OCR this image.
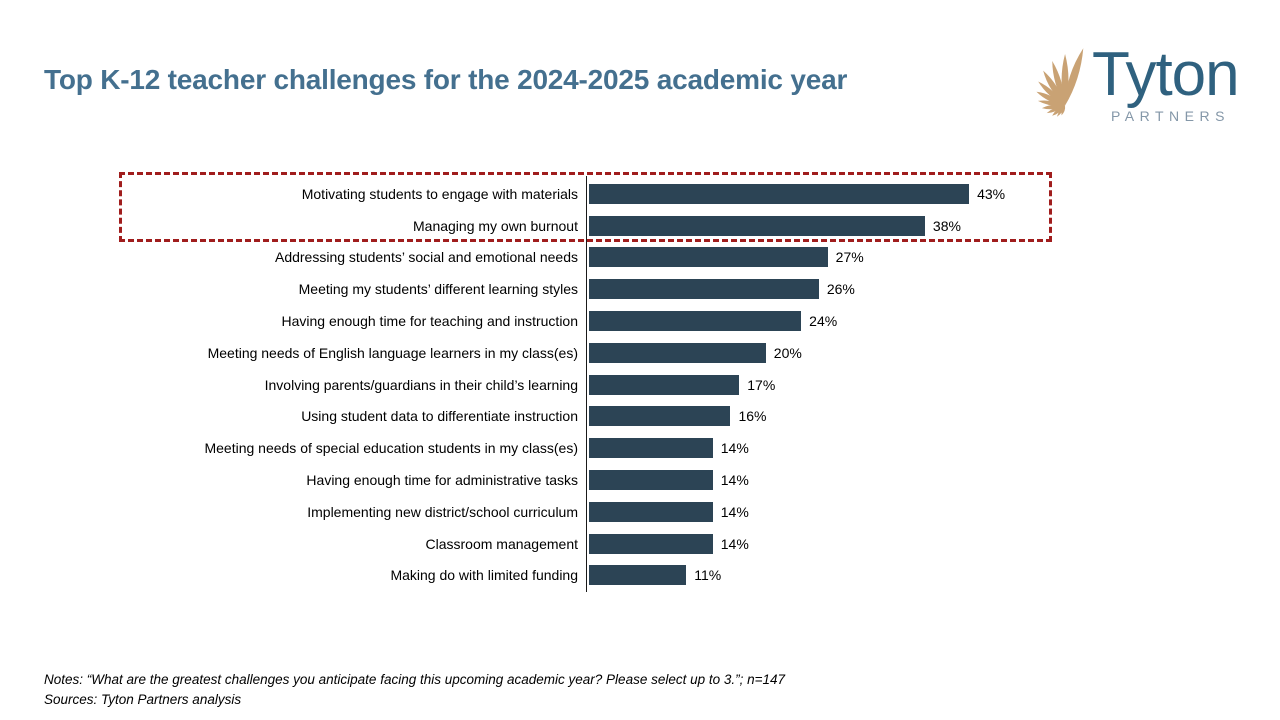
Top K-12 teacher challenges for the 2024-2025 academic year	Tyton
PARTNERS
Motivating students to engage with materials	43%
Managing my own burnout	38%
Addressing students’ social and emotional needs	27%
Meeting my students’ different learning styles	26%
Having enough time for teaching and instruction	24%
Meeting needs of English language learners in my class(es)	20%
Involving parents/guardians in their child’s learning	17%
Using student data to differentiate instruction	16%
Meeting needs of special education students in my class(es)	14%
Having enough time for administrative tasks	14%
Implementing new district/school curriculum	14%
Classroom management	14%
Making do with limited funding	11%
Notes: “What are the greatest challenges you anticipate facing this upcoming academic year? Please select up to 3.”; n=147
Sources: Tyton Partners analysis
